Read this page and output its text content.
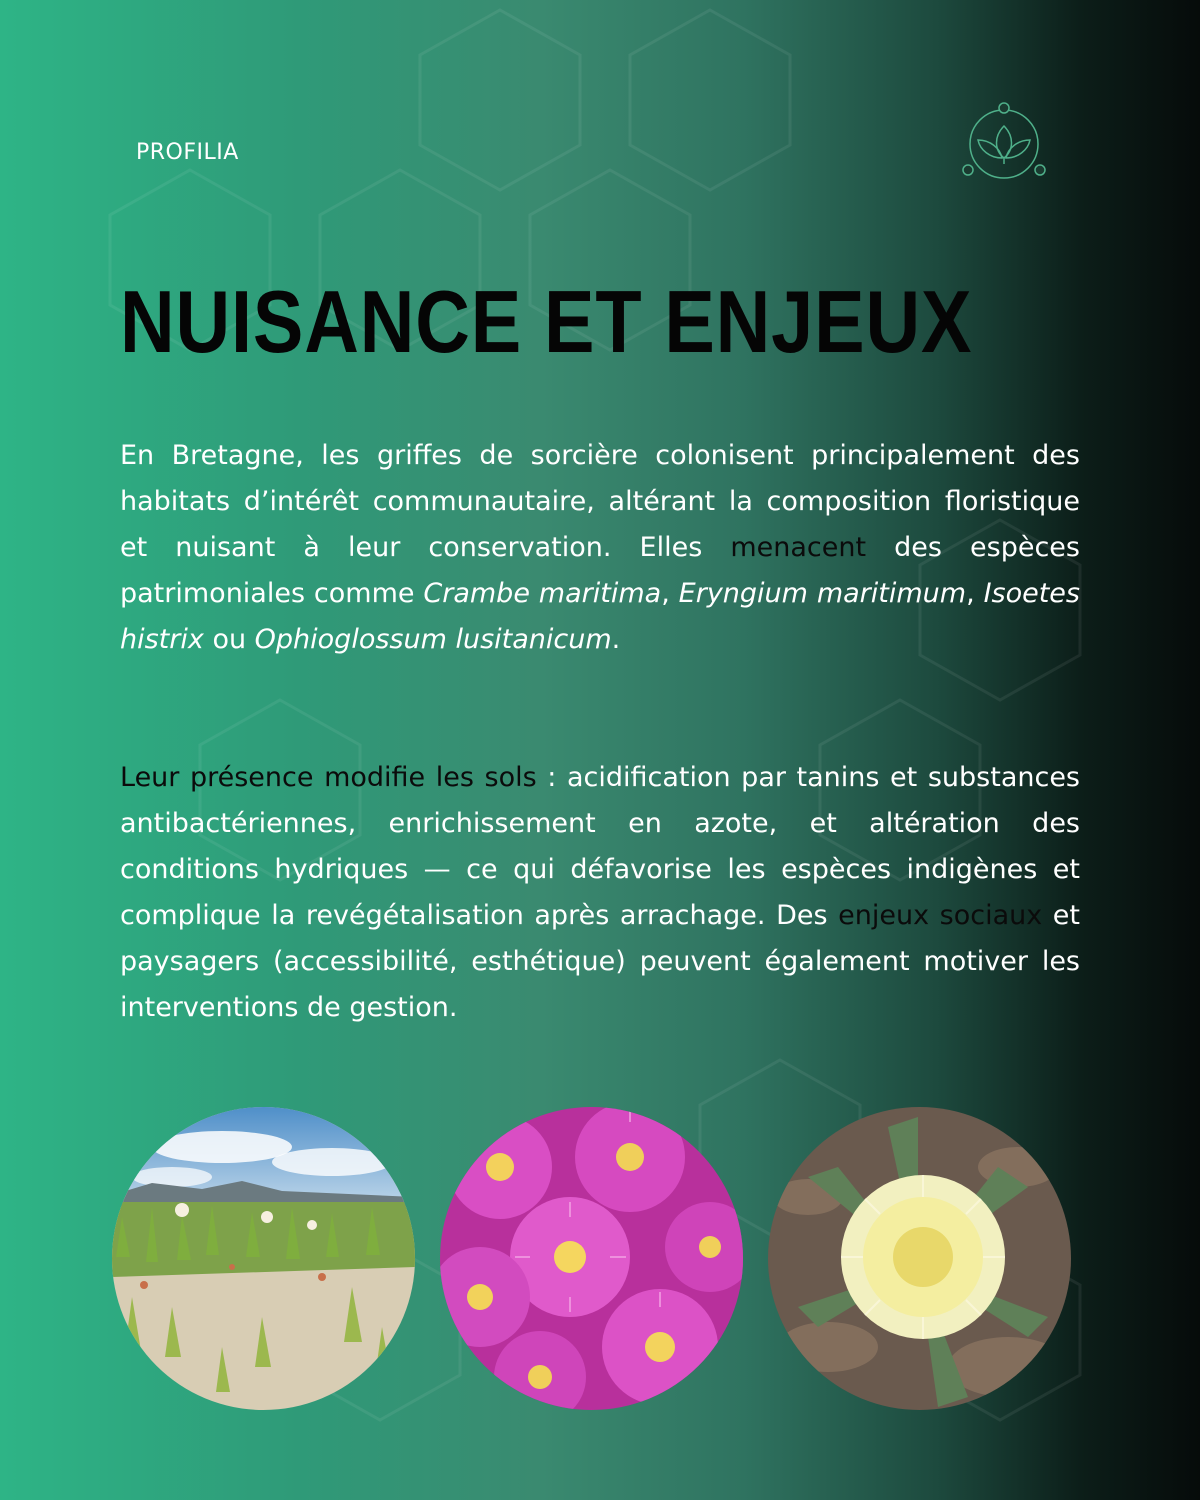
PROFILIA
NUISANCE ET ENJEUX

En Bretagne, les griffes de sorcière colonisent principalement des habitats d’intérêt communautaire, altérant la composition floristique et nuisant à leur conservation. Elles menacent des espèces patrimoniales comme Crambe maritima, Eryngium maritimum, Isoetes histrix ou Ophioglossum lusitanicum.

Leur présence modifie les sols : acidification par tanins et substances antibactériennes, enrichissement en azote, et altération des conditions hydriques — ce qui défavorise les espèces indigènes et complique la revégétalisation après arrachage. Des enjeux sociaux et paysagers (accessibilité, esthétique) peuvent également motiver les interventions de gestion.
